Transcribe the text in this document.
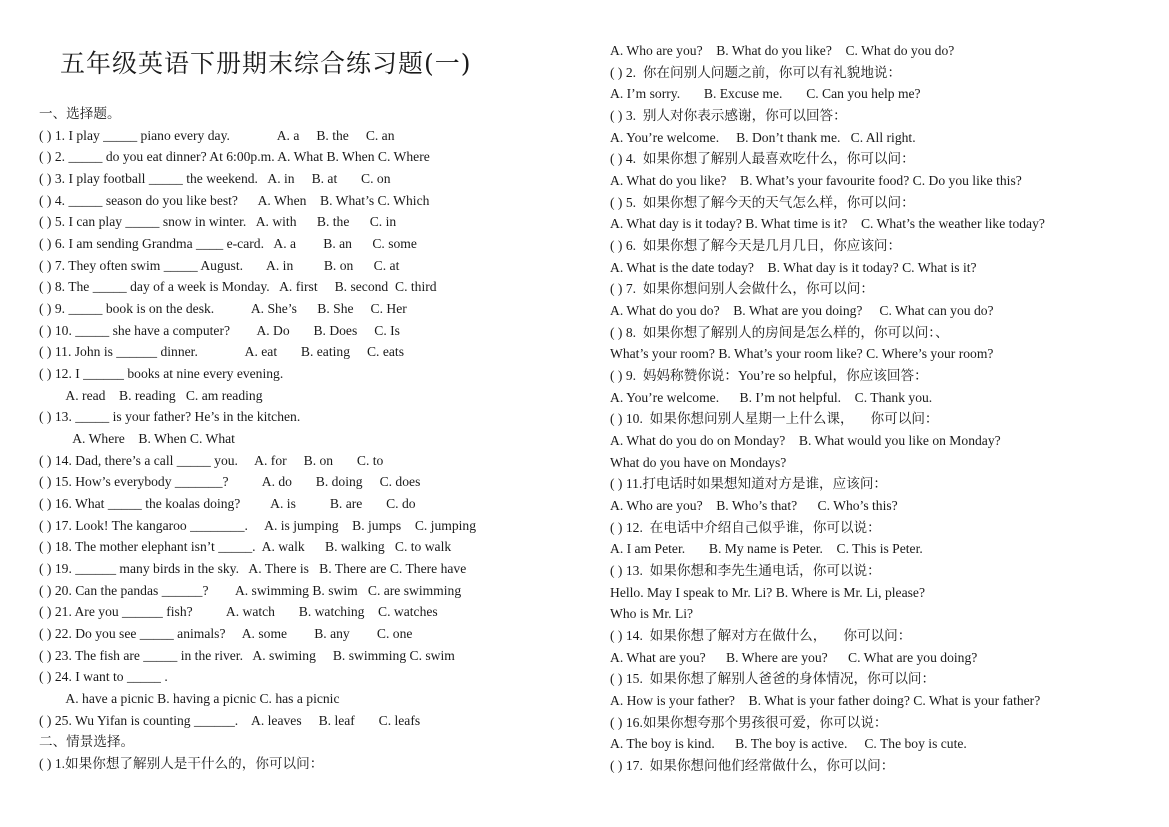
五年级英语下册期末综合练习题(一)
一、选择题。
( ) 1. I play _____ piano every day.              A. a     B. the     C. an
( ) 2. _____ do you eat dinner? At 6:00p.m. A. What B. When C. Where
( ) 3. I play football _____ the weekend.   A. in     B. at       C. on
( ) 4. _____ season do you like best?      A. When    B. What’s C. Which
( ) 5. I can play _____ snow in winter.   A. with      B. the      C. in
( ) 6. I am sending Grandma ____ e-card.   A. a        B. an      C. some
( ) 7. They often swim _____ August.       A. in         B. on      C. at
( ) 8. The _____ day of a week is Monday.   A. first     B. second  C. third
( ) 9. _____ book is on the desk.           A. She’s      B. She     C. Her
( ) 10. _____ she have a computer?        A. Do       B. Does     C. Is
( ) 11. John is ______ dinner.              A. eat       B. eating     C. eats
( ) 12. I ______ books at nine every evening.
A. read    B. reading   C. am reading
( ) 13. _____ is your father? He’s in the kitchen.
A. Where    B. When C. What
( ) 14. Dad, there’s a call _____ you.     A. for     B. on       C. to
( ) 15. How’s everybody _______?          A. do       B. doing     C. does
( ) 16. What _____ the koalas doing?         A. is          B. are       C. do
( ) 17. Look! The kangaroo ________.     A. is jumping    B. jumps    C. jumping
( ) 18. The mother elephant isn’t _____.  A. walk      B. walking   C. to walk
( ) 19. ______ many birds in the sky.   A. There is   B. There are C. There have
( ) 20. Can the pandas ______?        A. swimming B. swim   C. are swimming
( ) 21. Are you ______ fish?          A. watch       B. watching    C. watches
( ) 22. Do you see _____ animals?     A. some        B. any        C. one
( ) 23. The fish are _____ in the river.   A. swiming     B. swimming C. swim
( ) 24. I want to _____ .
A. have a picnic B. having a picnic C. has a picnic
( ) 25. Wu Yifan is counting ______.    A. leaves     B. leaf       C. leafs
二、情景选择。
( ) 1.如果你想了解别人是干什么的，你可以问：
A. Who are you?    B. What do you like?    C. What do you do?
( ) 2.  你在问别人问题之前，你可以有礼貌地说：
A. I’m sorry.       B. Excuse me.       C. Can you help me?
( ) 3.  别人对你表示感谢，你可以回答：
A. You’re welcome.     B. Don’t thank me.   C. All right.
( ) 4.  如果你想了解别人最喜欢吃什么，你可以问：
A. What do you like?    B. What’s your favourite food? C. Do you like this?
( ) 5.  如果你想了解今天的天气怎么样，你可以问：
A. What day is it today? B. What time is it?    C. What’s the weather like today?
( ) 6.  如果你想了解今天是几月几日，你应该问：
A. What is the date today?    B. What day is it today? C. What is it?
( ) 7.  如果你想问别人会做什么，你可以问：
A. What do you do?    B. What are you doing?     C. What can you do?
( ) 8.  如果你想了解别人的房间是怎么样的，你可以问：、
What’s your room? B. What’s your room like? C. Where’s your room?
( ) 9.  妈妈称赞你说：You’re so helpful，你应该回答：
A. You’re welcome.      B. I’m not helpful.    C. Thank you.
( ) 10.  如果你想问别人星期一上什么课，     你可以问：
A. What do you do on Monday?    B. What would you like on Monday?
What do you have on Mondays?
( ) 11.打电话时如果想知道对方是谁，应该问：
A. Who are you?    B. Who’s that?      C. Who’s this?
( ) 12.  在电话中介绍自己似乎谁，你可以说：
A. I am Peter.       B. My name is Peter.    C. This is Peter.
( ) 13.  如果你想和李先生通电话，你可以说：
Hello. May I speak to Mr. Li? B. Where is Mr. Li, please?
Who is Mr. Li?
( ) 14.  如果你想了解对方在做什么，     你可以问：
A. What are you?      B. Where are you?      C. What are you doing?
( ) 15.  如果你想了解别人爸爸的身体情况，你可以问：
A. How is your father?    B. What is your father doing? C. What is your father?
( ) 16.如果你想夸那个男孩很可爱，你可以说：
A. The boy is kind.      B. The boy is active.     C. The boy is cute.
( ) 17.  如果你想问他们经常做什么，你可以问：
